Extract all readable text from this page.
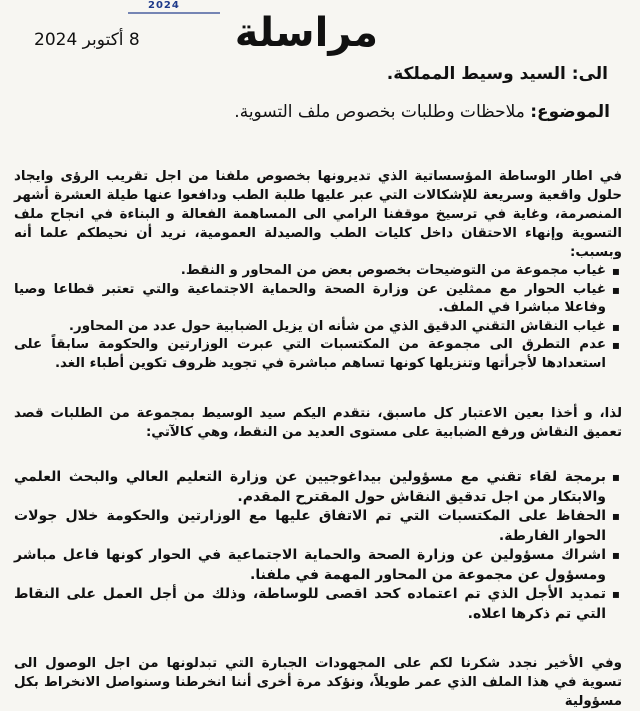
2024
مراسلة
8 أكتوبر 2024
الى: السيد وسيط المملكة.
الموضوع: ملاحظات وطلبات بخصوص ملف التسوية.
في اطار الوساطة المؤسساتية الذي تديرونها بخصوص ملفنا من اجل تقريب الرؤى وايجاد حلول واقعية وسريعة للإشكالات التي عبر عليها طلبة الطب ودافعوا عنها طيلة العشرة أشهر المنصرمة، وغاية في ترسيخ موقفنا الرامي الى المساهمة الفعالة و البناءة في انجاح ملف التسوية وإنهاء الاحتقان داخل كليات الطب والصيدلة العمومية، نريد أن نحيطكم علما أنه وبسبب:
▪ غياب مجموعة من التوضيحات بخصوص بعض من المحاور و النقط.
▪ غياب الحوار مع ممثلين عن وزارة الصحة والحماية الاجتماعية والتي تعتبر قطاعا وصيا وفاعلا مباشرا في الملف.
▪ غياب النقاش التقني الدقيق الذي من شأنه ان يزيل الضبابية حول عدد من المحاور.
▪ عدم التطرق الى مجموعة من المكتسبات التي عبرت الوزارتين والحكومة سابقاً على استعدادها لأجرأتها وتنزيلها كونها تساهم مباشرة في تجويد ظروف تكوين أطباء الغد.
لذا، و أخذا بعين الاعتبار كل ماسبق، نتقدم اليكم سيد الوسيط بمجموعة من الطلبات قصد تعميق النقاش ورفع الضبابية على مستوى العديد من النقط، وهي كالآتي:
▪ برمجة لقاء تقني مع مسؤولين بيداغوجيين عن وزارة التعليم العالي والبحث العلمي والابتكار من اجل تدقيق النقاش حول المقترح المقدم.
▪ الحفاظ على المكتسبات التي تم الاتفاق عليها مع الوزارتين والحكومة خلال جولات الحوار الفارطة.
▪ اشراك مسؤولين عن وزارة الصحة والحماية الاجتماعية في الحوار كونها فاعل مباشر ومسؤول عن مجموعة من المحاور المهمة في ملفنا.
▪ تمديد الأجل الذي تم اعتماده كحد اقصى للوساطة، وذلك من أجل العمل على النقاط التي تم ذكرها اعلاه.
وفي الأخير نجدد شكرنا لكم على المجهودات الجبارة التي تبدلونها من اجل الوصول الى تسوية في هذا الملف الذي عمر طويلاً، ونؤكد مرة أخرى أننا انخرطنا وسنواصل الانخراط بكل مسؤولية
